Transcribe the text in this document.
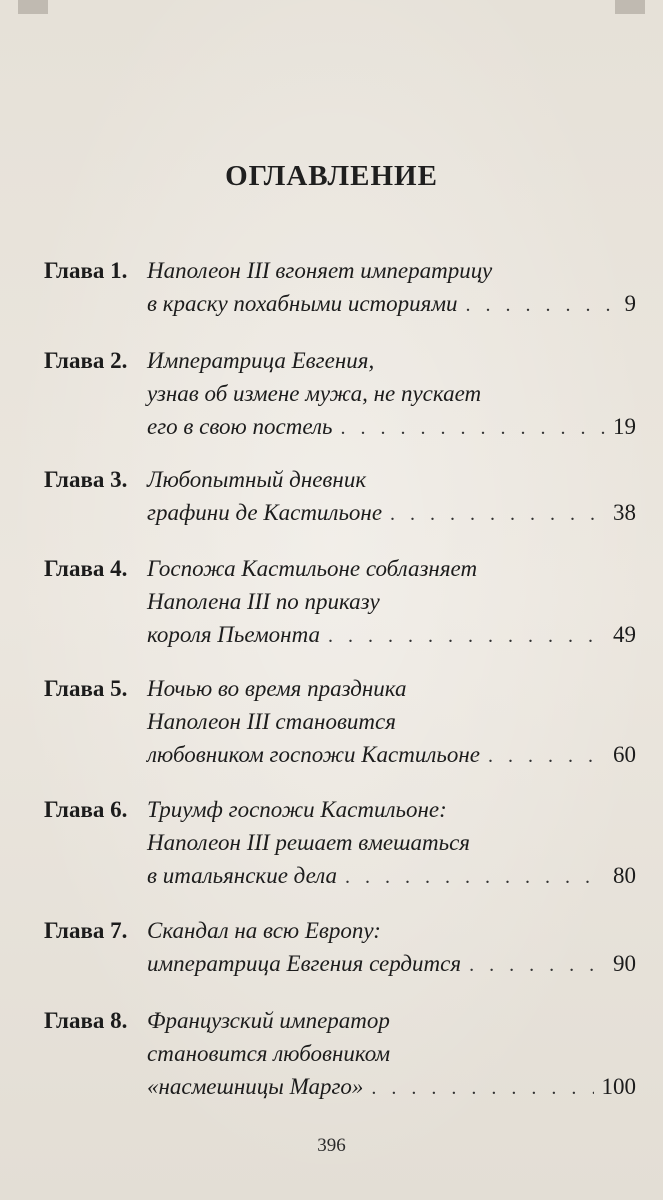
ОГЛАВЛЕНИЕ
Глава 1. Наполеон III вгоняет императрицу
в краску похабными историями . . .	9
Глава 2. Императрица Евгения,
узнав об измене мужа, не пускает
его в свою постель . . .	19
Глава 3. Любопытный дневник
графини де Кастильоне . . .	38
Глава 4. Госпожа Кастильоне соблазняет
Наполена III по приказу
короля Пьемонта . . .	49
Глава 5. Ночью во время праздника
Наполеон III становится
любовником госпожи Кастильоне . . .	60
Глава 6. Триумф госпожи Кастильоне:
Наполеон III решает вмешаться
в итальянские дела . . .	80
Глава 7. Скандал на всю Европу:
императрица Евгения сердится . . .	90
Глава 8. Французский император
становится любовником
«насмешницы Марго» . . .	100
396
